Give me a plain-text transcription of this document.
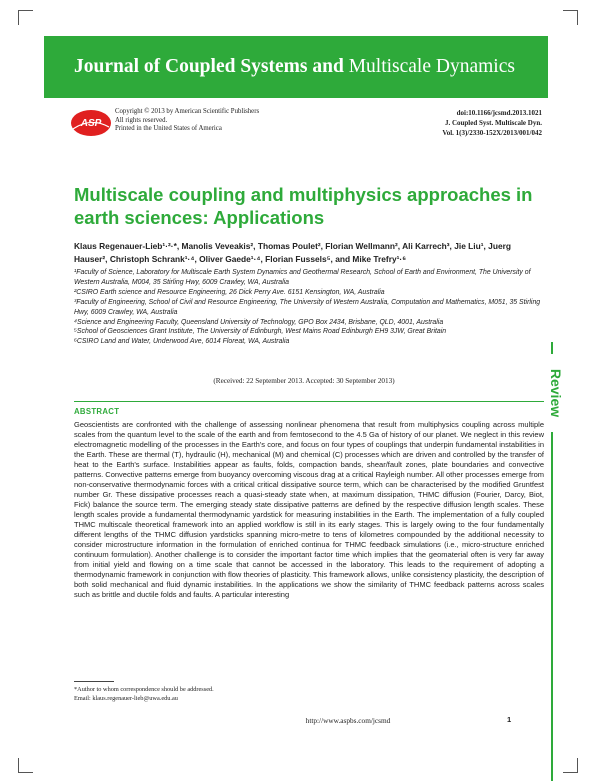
Journal of Coupled Systems and Multiscale Dynamics
ASP
Copyright © 2013 by American Scientific Publishers
All rights reserved.
Printed in the United States of America
doi:10.1166/jcsmd.2013.1021
J. Coupled Syst. Multiscale Dyn.
Vol. 1(3)/2330-152X/2013/001/042
Multiscale coupling and multiphysics approaches in earth sciences: Applications
Klaus Regenauer-Lieb¹·²·*, Manolis Veveakis², Thomas Poulet², Florian Wellmann², Ali Karrech³, Jie Liu¹, Juerg Hauser², Christoph Schrank¹·⁴, Oliver Gaede¹·⁴, Florian Fussels⁵, and Mike Trefry¹·⁶

¹Faculty of Science, Laboratory for Multiscale Earth System Dynamics and Geothermal Research, School of Earth and Environment, The University of Western Australia, M004, 35 Stirling Hwy, 6009 Crawley, WA, Australia

²CSIRO Earth science and Resource Engineering, 26 Dick Perry Ave. 6151 Kensington, WA, Australia

³Faculty of Engineering, School of Civil and Resource Engineering, The University of Western Australia, Computation and Mathematics, M051, 35 Stirling Hwy, 6009 Crawley, WA, Australia

⁴Science and Engineering Faculty, Queensland University of Technology, GPO Box 2434, Brisbane, QLD, 4001, Australia

⁵School of Geosciences Grant Institute, The University of Edinburgh, West Mains Road Edinburgh EH9 3JW, Great Britain

⁶CSIRO Land and Water, Underwood Ave, 6014 Floreat, WA, Australia

(Received: 22 September 2013. Accepted: 30 September 2013)
ABSTRACT

Geoscientists are confronted with the challenge of assessing nonlinear phenomena that result from multiphysics coupling across multiple scales from the quantum level to the scale of the earth and from femtosecond to the 4.5 Ga of history of our planet. We neglect in this review electromagnetic modelling of the processes in the Earth's core, and focus on four types of couplings that underpin fundamental instabilities in the Earth. These are thermal (T), hydraulic (H), mechanical (M) and chemical (C) processes which are driven and controlled by the transfer of heat to the Earth's surface. Instabilities appear as faults, folds, compaction bands, shear/fault zones, plate boundaries and convective patterns. Convective patterns emerge from buoyancy overcoming viscous drag at a critical Rayleigh number. All other processes emerge from non-conservative thermodynamic forces with a critical critical dissipative source term, which can be characterised by the modified Gruntfest number Gr. These dissipative processes reach a quasi-steady state when, at maximum dissipation, THMC diffusion (Fourier, Darcy, Biot, Fick) balance the source term. The emerging steady state dissipative patterns are defined by the respective diffusion length scales. These length scales provide a fundamental thermodynamic yardstick for measuring instabilities in the Earth. The implementation of a fully coupled THMC multiscale theoretical framework into an applied workflow is still in its early stages. This is largely owing to the four fundamentally different lengths of the THMC diffusion yardsticks spanning micro-metre to tens of kilometres compounded by the additional necessity to consider microstructure information in the formulation of enriched continua for THMC feedback simulations (i.e., micro-structure enriched continuum formulation). Another challenge is to consider the important factor time which implies that the geomaterial often is very far away from initial yield and flowing on a time scale that cannot be accessed in the laboratory. This leads to the requirement of adopting a thermodynamic framework in conjunction with flow theories of plasticity. This framework allows, unlike consistency plasticity, the description of both solid mechanical and fluid dynamic instabilities. In the applications we show the similarity of THMC feedback patterns across scales such as brittle and ductile folds and faults. A particular interesting

*Author to whom correspondence should be addressed.

Email: klaus.regenauer-lieb@uwa.edu.au

http://www.aspbs.com/jcsmd	1
Review
